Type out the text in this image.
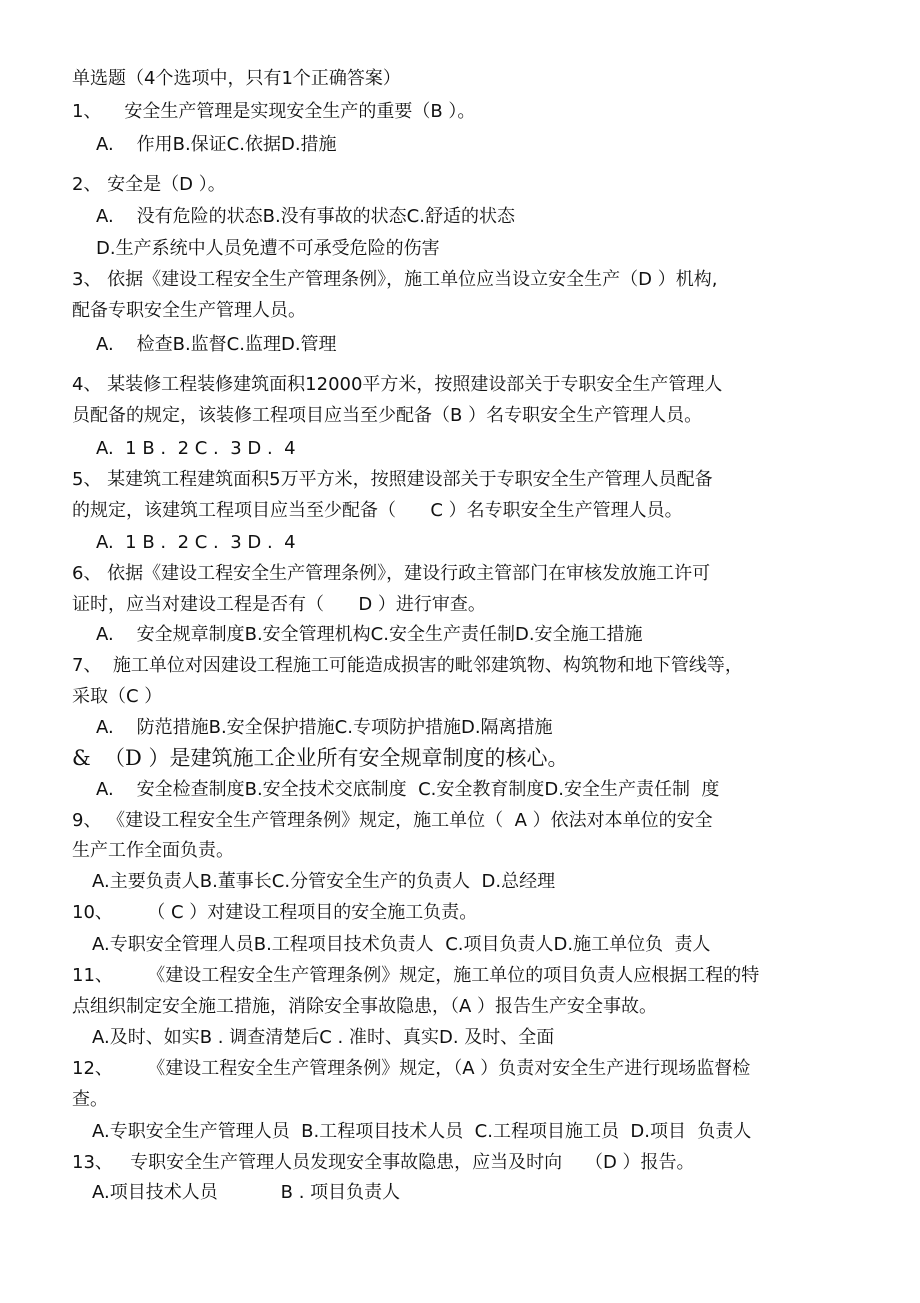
单选题（4个选项中，只有1个正确答案）
1、    安全生产管理是实现安全生产的重要（B ）。
A.    作用B.保证C.依据D.措施
2、 安全是（D ）。
A.    没有危险的状态B.没有事故的状态C.舒适的状态
D.生产系统中人员免遭不可承受危险的伤害
3、 依据《建设工程安全生产管理条例》，施工单位应当设立安全生产（D ）机构,
配备专职安全生产管理人员。
A.    检查B.监督C.监理D.管理
4、 某装修工程装修建筑面积12000平方米，按照建设部关于专职安全生产管理人
员配备的规定，该装修工程项目应当至少配备（B ）名专职安全生产管理人员。
A.  1 B .  2 C .  3 D .  4
5、 某建筑工程建筑面积5万平方米，按照建设部关于专职安全生产管理人员配备
的规定，该建筑工程项目应当至少配备（      C ）名专职安全生产管理人员。
A.  1 B .  2 C .  3 D .  4
6、 依据《建设工程安全生产管理条例》，建设行政主管部门在审核发放施工许可
证时，应当对建设工程是否有（      D ）进行审查。
A.    安全规章制度B.安全管理机构C.安全生产责任制D.安全施工措施
7、  施工单位对因建设工程施工可能造成损害的毗邻建筑物、构筑物和地下管线等，
采取（C ）
A.    防范措施B.安全保护措施C.专项防护措施D.隔离措施
&  （D ）是建筑施工企业所有安全规章制度的核心。
A.    安全检查制度B.安全技术交底制度  C.安全教育制度D.安全生产责任制  度
9、 《建设工程安全生产管理条例》规定，施工单位（  A ）依法对本单位的安全
生产工作全面负责。
A.主要负责人B.董事长C.分管安全生产的负责人  D.总经理
10、      （ C ）对建设工程项目的安全施工负责。
A.专职安全管理人员B.工程项目技术负责人  C.项目负责人D.施工单位负  责人
11、      《建设工程安全生产管理条例》规定，施工单位的项目负责人应根据工程的特
点组织制定安全施工措施，消除安全事故隐患，（A ）报告生产安全事故。
A.及时、如实B . 调查清楚后C . 准时、真实D. 及时、全面
12、      《建设工程安全生产管理条例》规定，（A ）负责对安全生产进行现场监督检
查。
A.专职安全生产管理人员  B.工程项目技术人员  C.工程项目施工员  D.项目  负责人
13、   专职安全生产管理人员发现安全事故隐患，应当及时向    （D ）报告。
A.项目技术人员           B . 项目负责人
